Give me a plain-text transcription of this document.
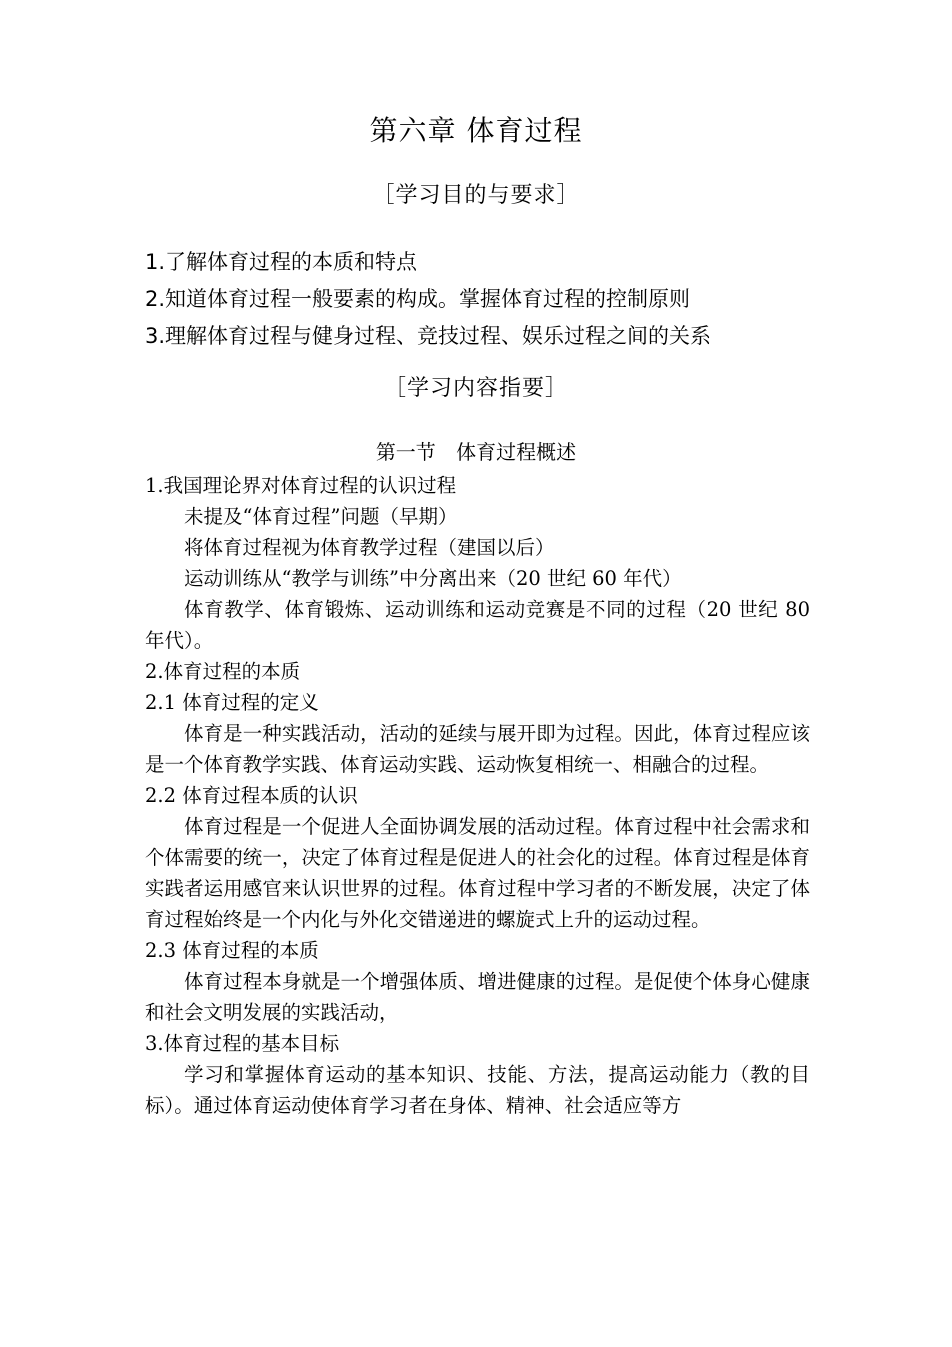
第六章 体育过程
［学习目的与要求］
1.了解体育过程的本质和特点
2.知道体育过程一般要素的构成。掌握体育过程的控制原则
3.理解体育过程与健身过程、竞技过程、娱乐过程之间的关系
［学习内容指要］
第一节 体育过程概述
1.我国理论界对体育过程的认识过程
未提及“体育过程”问题（早期）
将体育过程视为体育教学过程（建国以后）
运动训练从“教学与训练”中分离出来（20 世纪 60 年代）
体育教学、体育锻炼、运动训练和运动竞赛是不同的过程（20 世纪 80 年代）。
2.体育过程的本质
2.1 体育过程的定义
体育是一种实践活动，活动的延续与展开即为过程。因此，体育过程应该是一个体育教学实践、体育运动实践、运动恢复相统一、相融合的过程。
2.2 体育过程本质的认识
体育过程是一个促进人全面协调发展的活动过程。体育过程中社会需求和个体需要的统一，决定了体育过程是促进人的社会化的过程。体育过程是体育实践者运用感官来认识世界的过程。体育过程中学习者的不断发展，决定了体育过程始终是一个内化与外化交错递进的螺旋式上升的运动过程。
2.3 体育过程的本质
体育过程本身就是一个增强体质、增进健康的过程。是促使个体身心健康和社会文明发展的实践活动，
3.体育过程的基本目标
学习和掌握体育运动的基本知识、技能、方法，提高运动能力（教的目标）。通过体育运动使体育学习者在身体、精神、社会适应等方
